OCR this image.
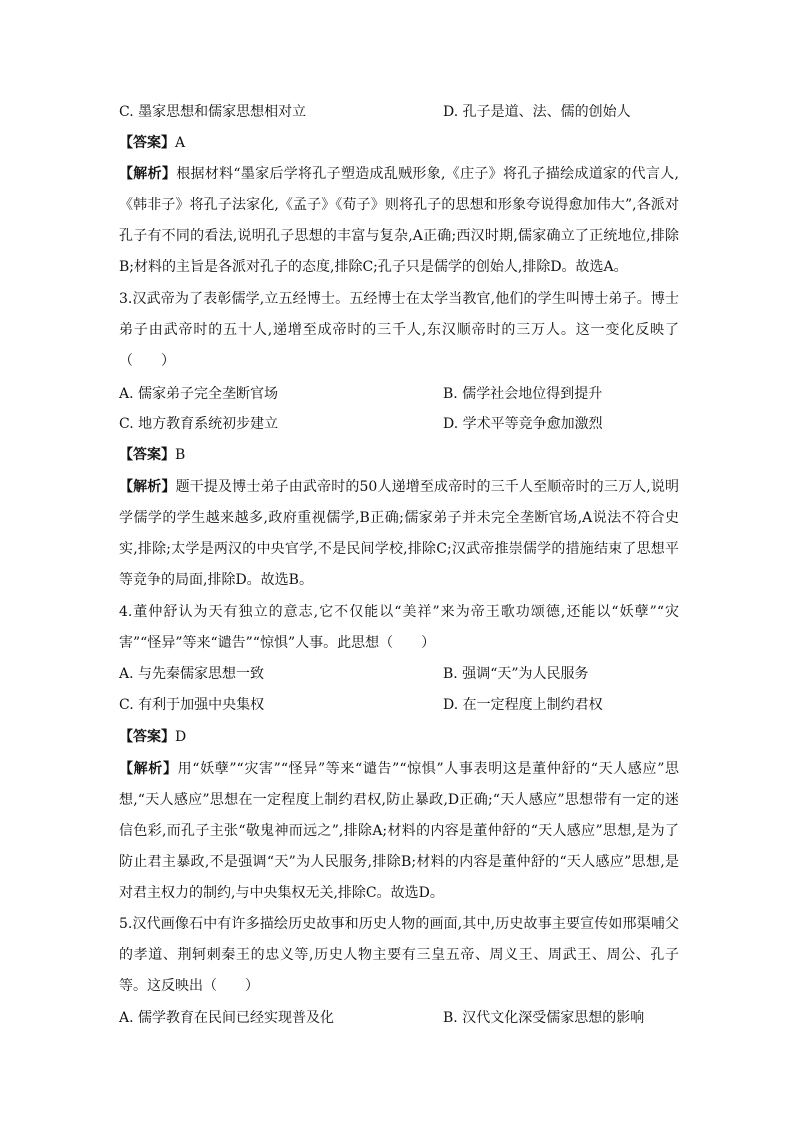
C. 墨家思想和儒家思想相对立	D. 孔子是道、法、儒的创始人
【答案】A
【解析】根据材料“墨家后学将孔子塑造成乱贼形象,《庄子》将孔子描绘成道家的代言人,《韩非子》将孔子法家化,《孟子》《荀子》则将孔子的思想和形象夸说得愈加伟大”,各派对孔子有不同的看法,说明孔子思想的丰富与复杂,A正确;西汉时期,儒家确立了正统地位,排除B;材料的主旨是各派对孔子的态度,排除C;孔子只是儒学的创始人,排除D。故选A。
3.汉武帝为了表彰儒学,立五经博士。五经博士在太学当教官,他们的学生叫博士弟子。博士弟子由武帝时的五十人,递增至成帝时的三千人,东汉顺帝时的三万人。这一变化反映了（　　）
A. 儒家弟子完全垄断官场	B. 儒学社会地位得到提升
C. 地方教育系统初步建立	D. 学术平等竞争愈加激烈
【答案】B
【解析】题干提及博士弟子由武帝时的50人递增至成帝时的三千人至顺帝时的三万人,说明学儒学的学生越来越多,政府重视儒学,B正确;儒家弟子并未完全垄断官场,A说法不符合史实,排除;太学是两汉的中央官学,不是民间学校,排除C;汉武帝推崇儒学的措施结束了思想平等竞争的局面,排除D。故选B。
4.董仲舒认为天有独立的意志,它不仅能以“美祥”来为帝王歌功颂德,还能以“妖孽”“灾害”“怪异”等来“谴告”“惊惧”人事。此思想（　　）
A. 与先秦儒家思想一致	B. 强调“天”为人民服务
C. 有利于加强中央集权	D. 在一定程度上制约君权
【答案】D
【解析】用“妖孽”“灾害”“怪异”等来“谴告”“惊惧”人事表明这是董仲舒的“天人感应”思想,“天人感应”思想在一定程度上制约君权,防止暴政,D正确;“天人感应”思想带有一定的迷信色彩,而孔子主张“敬鬼神而远之”,排除A;材料的内容是董仲舒的“天人感应”思想,是为了防止君主暴政,不是强调“天”为人民服务,排除B;材料的内容是董仲舒的“天人感应”思想,是对君主权力的制约,与中央集权无关,排除C。故选D。
5.汉代画像石中有许多描绘历史故事和历史人物的画面,其中,历史故事主要宣传如邢渠哺父的孝道、荆轲刺秦王的忠义等,历史人物主要有三皇五帝、周义王、周武王、周公、孔子等。这反映出（　　）
A. 儒学教育在民间已经实现普及化	B. 汉代文化深受儒家思想的影响
